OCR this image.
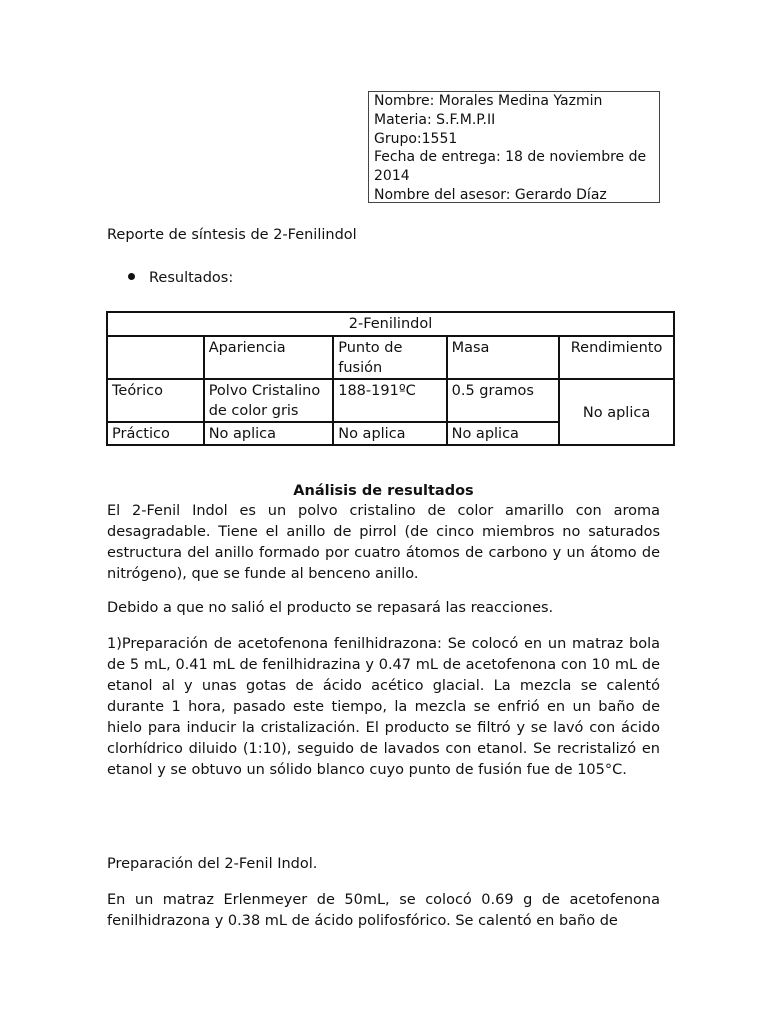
Nombre: Morales Medina Yazmin
Materia: S.F.M.P.II
Grupo:1551
Fecha de entrega: 18 de noviembre de
2014
Nombre del asesor: Gerardo Díaz
Reporte de síntesis de 2-Fenilindol
Resultados:
2-Fenilindol				
	Apariencia	Punto de fusión	Masa	Rendimiento
Teórico	Polvo Cristalino de color gris	188-191ºC	0.5 gramos	No aplica
Práctico	No aplica	No aplica	No aplica	
Análisis de resultados
El 2-Fenil Indol es un polvo cristalino de color amarillo con aroma desagradable. Tiene el anillo de pirrol (de cinco miembros no saturados estructura del anillo formado por cuatro átomos de carbono y un átomo de nitrógeno), que se funde al benceno anillo.
Debido a que no salió el producto se repasará las reacciones.
1)Preparación de acetofenona fenilhidrazona: Se colocó en un matraz bola de 5 mL, 0.41 mL de fenilhidrazina y 0.47 mL de acetofenona con 10 mL de etanol al y unas gotas de ácido acético glacial. La mezcla se calentó durante 1 hora, pasado este tiempo, la mezcla se enfrió en un baño de hielo para inducir la cristalización. El producto se filtró y se lavó con ácido clorhídrico diluido (1:10), seguido de lavados con etanol. Se recristalizó en etanol y se obtuvo un sólido blanco cuyo punto de fusión fue de 105°C.
Preparación del 2-Fenil Indol.
En un matraz Erlenmeyer de 50mL, se colocó 0.69 g de acetofenona fenilhidrazona y 0.38 mL de ácido polifosfórico. Se calentó en baño de
